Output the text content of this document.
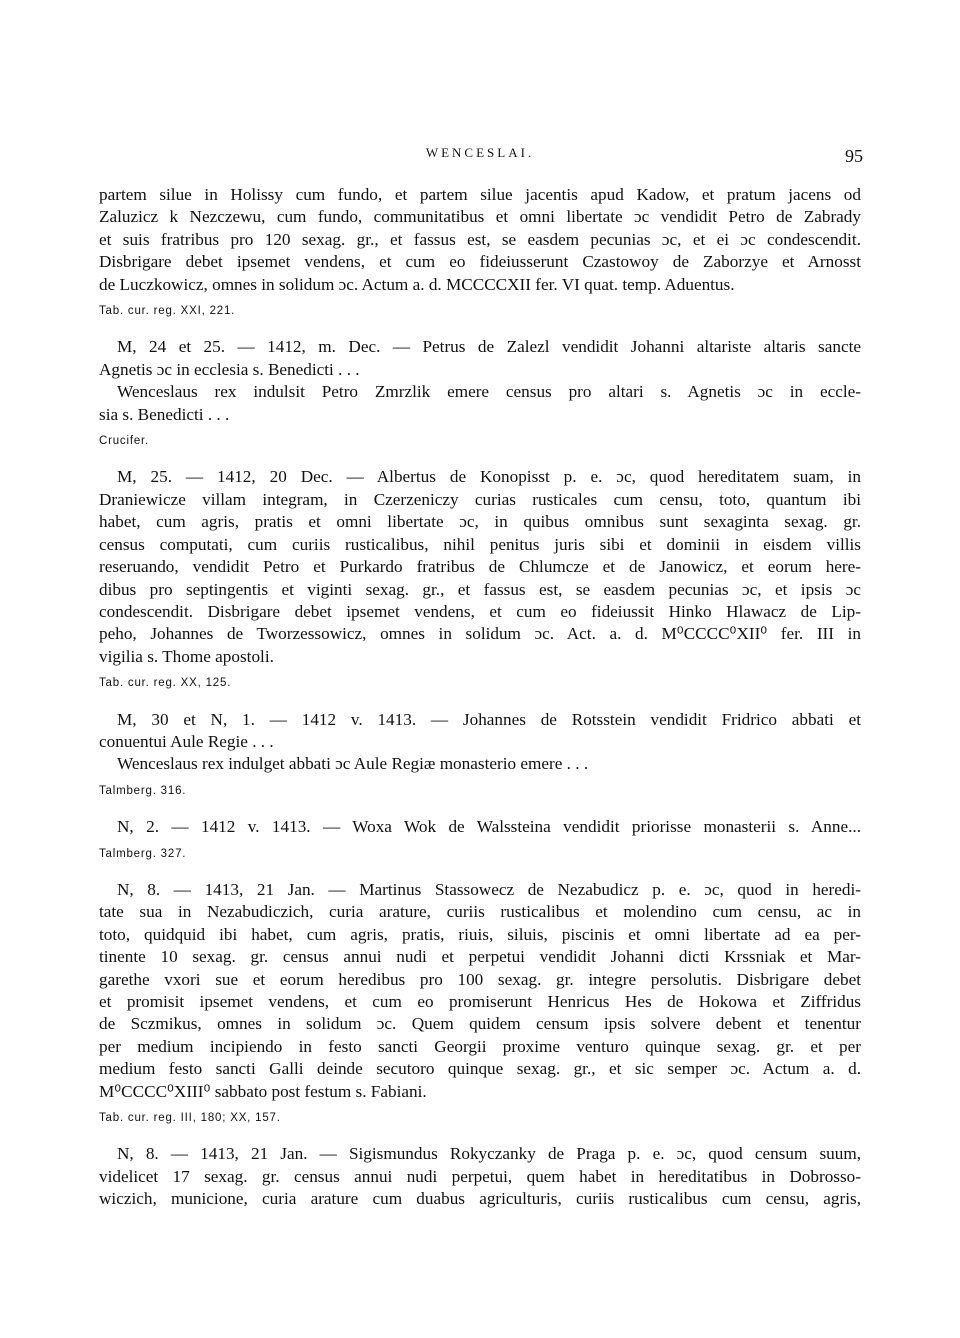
WENCESLAI.	95
partem silue in Holissy cum fundo, et partem silue jacentis apud Kadow, et pratum jacens od
Zaluzicz k Nezczewu, cum fundo, communitatibus et omni libertate ɔc vendidit Petro de Zabrady
et suis fratribus pro 120 sexag. gr., et fassus est, se easdem pecunias ɔc, et ei ɔc condescendit.
Disbrigare debet ipsemet vendens, et cum eo fideiusserunt Czastowoy de Zaborzye et Arnosst
de Luczkowicz, omnes in solidum ɔc. Actum a. d. MCCCCXII fer. VI quat. temp. Aduentus.
Tab. cur. reg. XXI, 221.
M, 24 et 25. — 1412, m. Dec. — Petrus de Zalezl vendidit Johanni altariste altaris sancte
Agnetis ɔc in ecclesia s. Benedicti . . .
Wenceslaus rex indulsit Petro Zmrzlik emere census pro altari s. Agnetis ɔc in eccle-
sia s. Benedicti . . .
Crucifer.
M, 25. — 1412, 20 Dec. — Albertus de Konopisst p. e. ɔc, quod hereditatem suam, in
Draniewicze villam integram, in Czerzeniczy curias rusticales cum censu, toto, quantum ibi
habet, cum agris, pratis et omni libertate ɔc, in quibus omnibus sunt sexaginta sexag. gr.
census computati, cum curiis rusticalibus, nihil penitus juris sibi et dominii in eisdem villis
reseruando, vendidit Petro et Purkardo fratribus de Chlumcze et de Janowicz, et eorum here-
dibus pro septingentis et viginti sexag. gr., et fassus est, se easdem pecunias ɔc, et ipsis ɔc
condescendit. Disbrigare debet ipsemet vendens, et cum eo fideiussit Hinko Hlawacz de Lip-
peho, Johannes de Tworzessowicz, omnes in solidum ɔc. Act. a. d. M⁰CCCC⁰XII⁰ fer. III in
vigilia s. Thome apostoli.
Tab. cur. reg. XX, 125.
M, 30 et N, 1. — 1412 v. 1413. — Johannes de Rotsstein vendidit Fridrico abbati et
conuentui Aule Regie . . .
Wenceslaus rex indulget abbati ɔc Aule Regiæ monasterio emere . . .
Talmberg. 316.
N, 2. — 1412 v. 1413. — Woxa Wok de Walssteina vendidit priorisse monasterii s. Anne...
Talmberg. 327.
N, 8. — 1413, 21 Jan. — Martinus Stassowecz de Nezabudicz p. e. ɔc, quod in heredi-
tate sua in Nezabudiczich, curia arature, curiis rusticalibus et molendino cum censu, ac in
toto, quidquid ibi habet, cum agris, pratis, riuis, siluis, piscinis et omni libertate ad ea per-
tinente 10 sexag. gr. census annui nudi et perpetui vendidit Johanni dicti Krssniak et Mar-
garethe vxori sue et eorum heredibus pro 100 sexag. gr. integre persolutis. Disbrigare debet
et promisit ipsemet vendens, et cum eo promiserunt Henricus Hes de Hokowa et Ziffridus
de Sczmikus, omnes in solidum ɔc. Quem quidem censum ipsis solvere debent et tenentur
per medium incipiendo in festo sancti Georgii proxime venturo quinque sexag. gr. et per
medium festo sancti Galli deinde secutoro quinque sexag. gr., et sic semper ɔc. Actum a. d.
M⁰CCCC⁰XIII⁰ sabbato post festum s. Fabiani.
Tab. cur. reg. III, 180; XX, 157.
N, 8. — 1413, 21 Jan. — Sigismundus Rokyczanky de Praga p. e. ɔc, quod censum suum,
videlicet 17 sexag. gr. census annui nudi perpetui, quem habet in hereditatibus in Dobrosso-
wiczich, municione, curia arature cum duabus agriculturis, curiis rusticalibus cum censu, agris,
